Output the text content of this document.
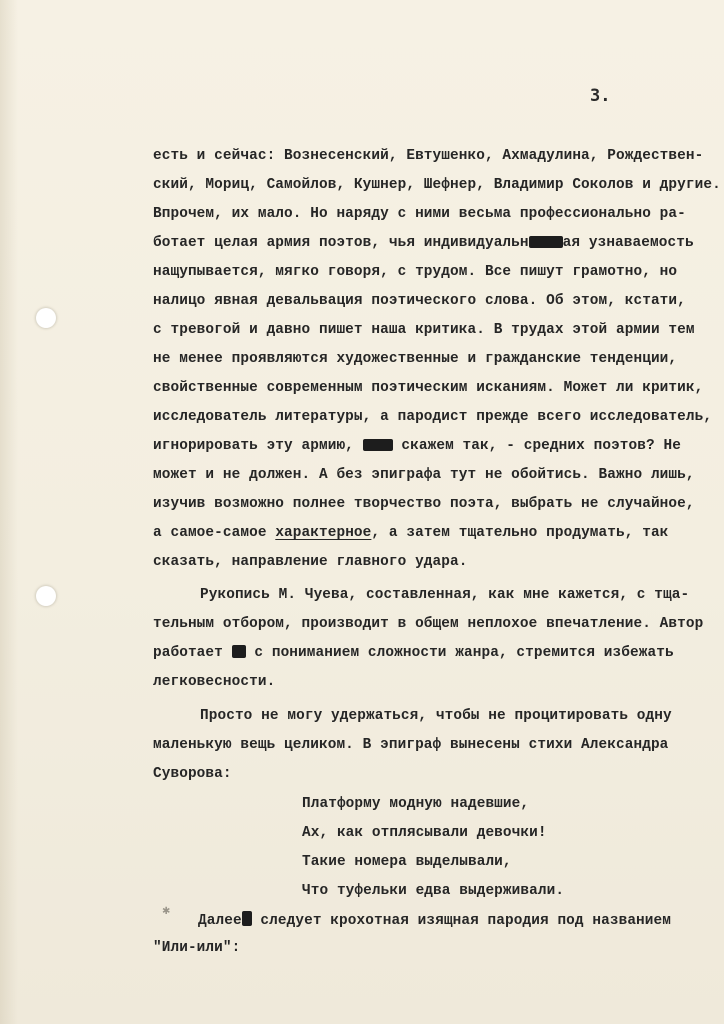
3.
есть и сейчас: Вознесенский, Евтушенко, Ахмадулина, Рождествен-
ский, Мориц, Самойлов, Кушнер, Шефнер, Владимир Соколов и другие.
Впрочем, их мало. Но наряду с ними весьма профессионально ра-
ботает целая армия поэтов, чья индивидуальн ая узнаваемость
нащупывается, мягко говоря, с трудом. Все пишут грамотно, но
налицо явная девальвация поэтического слова. Об этом, кстати,
с тревогой и давно пишет наша критика. В трудах этой армии тем
не менее проявляются художественные и гражданские тенденции,
свойственные современным поэтическим исканиям. Может ли критик,
исследователь литературы, а пародист прежде всего исследователь,
игнорировать эту армию,  скажем так, - средних поэтов? Не
может и не должен. А без эпиграфа тут не обойтись. Важно лишь,
изучив возможно полнее творчество поэта, выбрать не случайное,
а самое-самое характерное, а затем тщательно продумать, так
сказать, направление главного удара.
Рукопись М. Чуева, составленная, как мне кажется, с тща-
тельным отбором, производит в общем неплохое впечатление. Автор
работает  с пониманием сложности жанра, стремится избежать
легковесности.
Просто не могу удержаться, чтобы не процитировать одну
маленькую вещь целиком. В эпиграф вынесены стихи Александра
Суворова:
Платформу модную надевшие,
Ах, как отплясывали девочки!
Такие номера выделывали,
Что туфельки едва выдерживали.
✱
Далее следует крохотная изящная пародия под названием
"Или-или":
